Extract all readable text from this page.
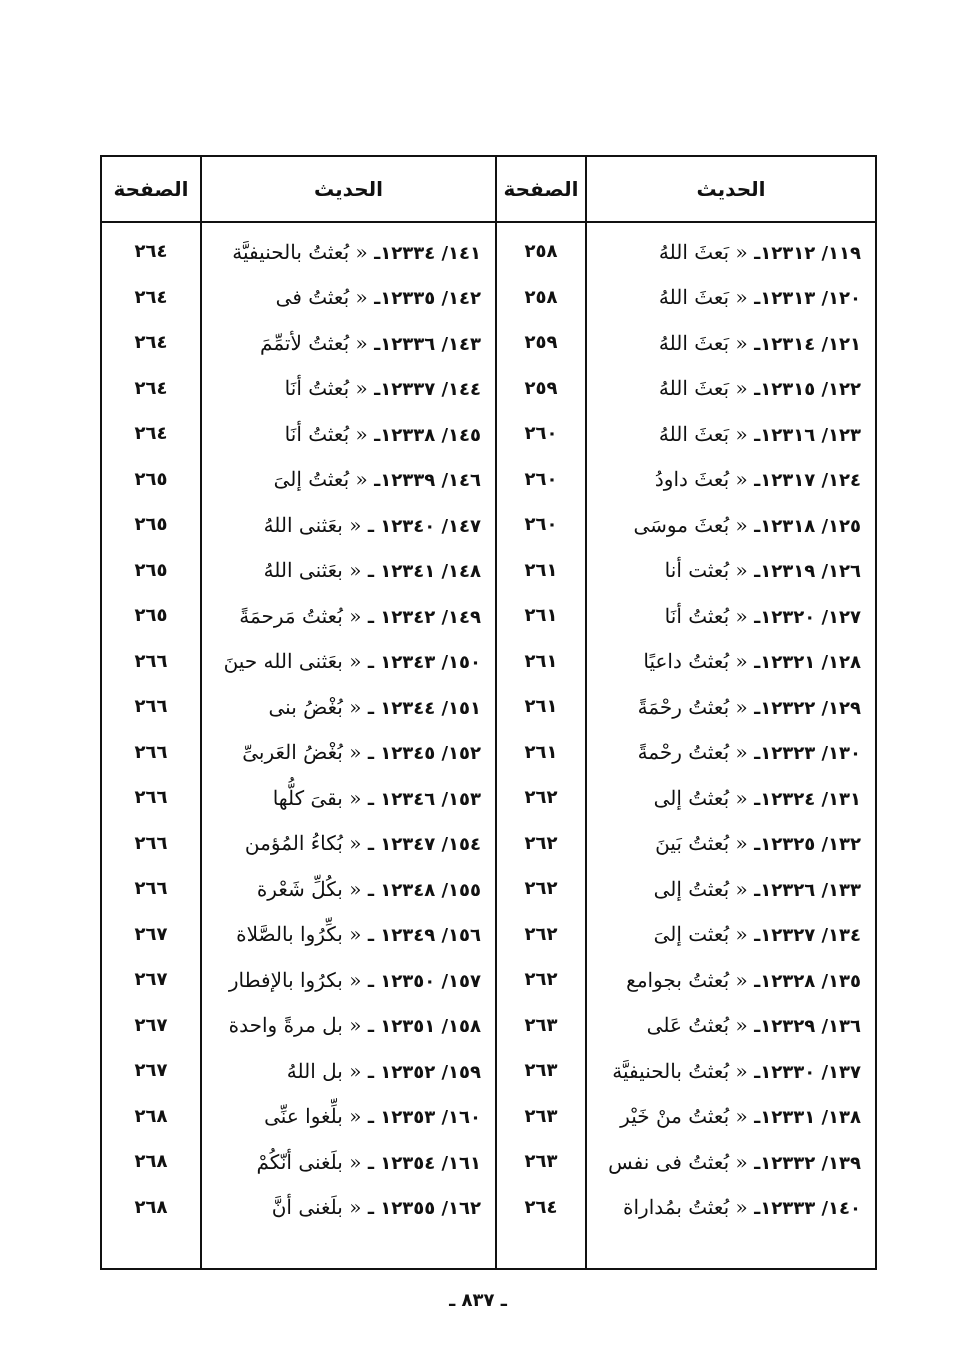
الحديث	الصفحة	الحديث	الصفحة
١١٩/ ١٢٣١٢ـ « بَعثَ اللهُ	٢٥٨	١٤١/ ١٢٣٣٤ـ « بُعثتُ بالحنيفيَّة	٢٦٤
١٢٠/ ١٢٣١٣ـ « بَعثَ اللهُ	٢٥٨	١٤٢/ ١٢٣٣٥ـ « بُعثتُ فى	٢٦٤
١٢١/ ١٢٣١٤ـ « بَعثَ اللهُ	٢٥٩	١٤٣/ ١٢٣٣٦ـ « بُعثتُ لأتمِّمَ	٢٦٤
١٢٢/ ١٢٣١٥ـ « بَعثَ اللهُ	٢٥٩	١٤٤/ ١٢٣٣٧ـ « بُعثتُ أنَا	٢٦٤
١٢٣/ ١٢٣١٦ـ « بَعثَ اللهُ	٢٦٠	١٤٥/ ١٢٣٣٨ـ « بُعثتُ أنَا	٢٦٤
١٢٤/ ١٢٣١٧ـ « بُعثَ داودُ	٢٦٠	١٤٦/ ١٢٣٣٩ـ « بُعثتُ إلىَ	٢٦٥
١٢٥/ ١٢٣١٨ـ « بُعثَ موسَى	٢٦٠	١٤٧/ ١٢٣٤٠ ـ « بعَثنى اللهُ	٢٦٥
١٢٦/ ١٢٣١٩ـ « بُعثت أنا	٢٦١	١٤٨/ ١٢٣٤١ ـ « بعَثنى اللهُ	٢٦٥
١٢٧/ ١٢٣٢٠ـ « بُعثتُ أنَا	٢٦١	١٤٩/ ١٢٣٤٢ ـ « بُعثتُ مَرحمَةً	٢٦٥
١٢٨/ ١٢٣٢١ـ « بُعثتُ داعيًا	٢٦١	١٥٠/ ١٢٣٤٣ ـ « بعَثنى الله حينَ	٢٦٦
١٢٩/ ١٢٣٢٢ـ « بُعثتُ رحْمَةً	٢٦١	١٥١/ ١٢٣٤٤ ـ « بُغْضُ بنى	٢٦٦
١٣٠/ ١٢٣٢٣ـ « بُعثتُ رحْمةً	٢٦١	١٥٢/ ١٢٣٤٥ ـ « بُغْضُ العَربىِّ	٢٦٦
١٣١/ ١٢٣٢٤ـ « بُعثتُ إلى	٢٦٢	١٥٣/ ١٢٣٤٦ ـ « بقىَ كلُّها	٢٦٦
١٣٢/ ١٢٣٢٥ـ « بُعثتُ بَينَ	٢٦٢	١٥٤/ ١٢٣٤٧ ـ « بُكاءُ المُؤمن	٢٦٦
١٣٣/ ١٢٣٢٦ـ « بُعثتُ إلى	٢٦٢	١٥٥/ ١٢٣٤٨ ـ « بكُلِّ شَعْرة	٢٦٦
١٣٤/ ١٢٣٢٧ـ « بُعثت إلىَ	٢٦٢	١٥٦/ ١٢٣٤٩ ـ « بكِّرُوا بالصَّلاة	٢٦٧
١٣٥/ ١٢٣٢٨ـ « بُعثتُ بجوامع	٢٦٢	١٥٧/ ١٢٣٥٠ ـ « بكرُوا بالإفطار	٢٦٧
١٣٦/ ١٢٣٢٩ـ « بُعثتُ عَلى	٢٦٣	١٥٨/ ١٢٣٥١ ـ « بل مرةً واحدة	٢٦٧
١٣٧/ ١٢٣٣٠ـ « بُعثتُ بالحنيفيَّة	٢٦٣	١٥٩/ ١٢٣٥٢ ـ « بل اللهُ	٢٦٧
١٣٨/ ١٢٣٣١ـ « بُعثتُ منْ خَيْر	٢٦٣	١٦٠/ ١٢٣٥٣ ـ « بلِّغوا عنِّى	٢٦٨
١٣٩/ ١٢٣٣٢ـ « بُعثتُ فى نفس	٢٦٣	١٦١/ ١٢٣٥٤ ـ « بلَغنى أنّكُمْ	٢٦٨
١٤٠/ ١٢٣٣٣ـ « بُعثتُ بمُداراة	٢٦٤	١٦٢/ ١٢٣٥٥ ـ « بلَغنى أنَّ	٢٦٨

ـ ٨٣٧ ـ
